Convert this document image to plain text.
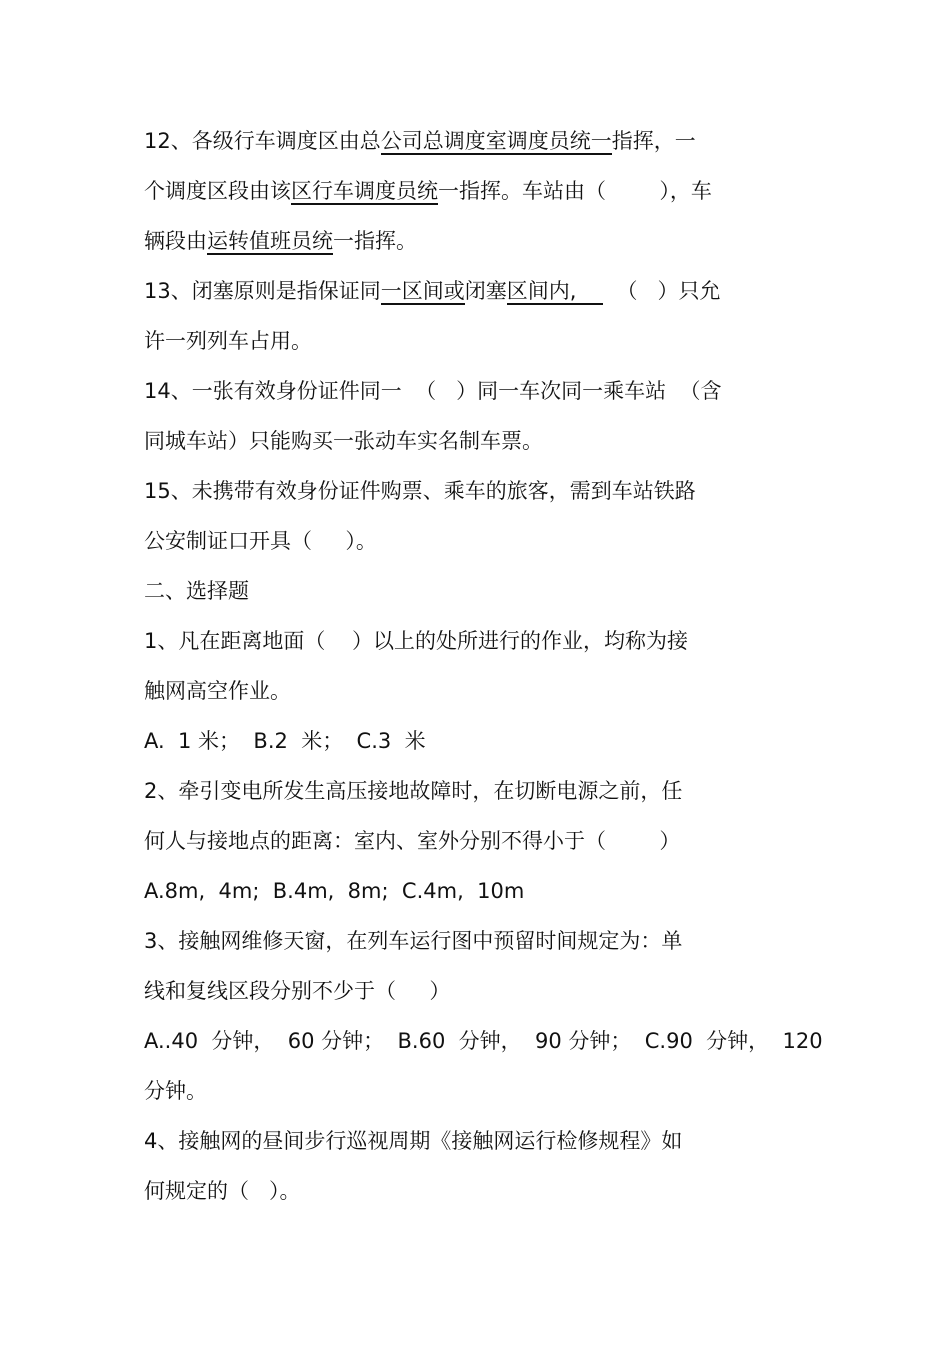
12、各级行车调度区由总公司总调度室调度员统一指挥，一

个调度区段由该区行车调度员统一指挥。车站由（        ），车

辆段由运转值班员统一指挥。

13、闭塞原则是指保证同一区间或闭塞区间内,      （   ）只允

许一列列车占用。

14、一张有效身份证件同一  （   ）同一车次同一乘车站  （含

同城车站）只能购买一张动车实名制车票。

15、未携带有效身份证件购票、乘车的旅客，需到车站铁路

公安制证口开具（     ）。

二、选择题

1、凡在距离地面（    ）以上的处所进行的作业，均称为接

触网高空作业。

A.  1 米；  B.2  米；  C.3  米

2、牵引变电所发生高压接地故障时，在切断电源之前，任

何人与接地点的距离：室内、室外分别不得小于（        ）

A.8m,  4m;  B.4m,  8m;  C.4m,  10m

3、接触网维修天窗，在列车运行图中预留时间规定为：单

线和复线区段分别不少于（     ）

A..40  分钟，  60 分钟；  B.60  分钟，  90 分钟；  C.90  分钟，  120

分钟。

4、接触网的昼间步行巡视周期《接触网运行检修规程》如

何规定的（   ）。
